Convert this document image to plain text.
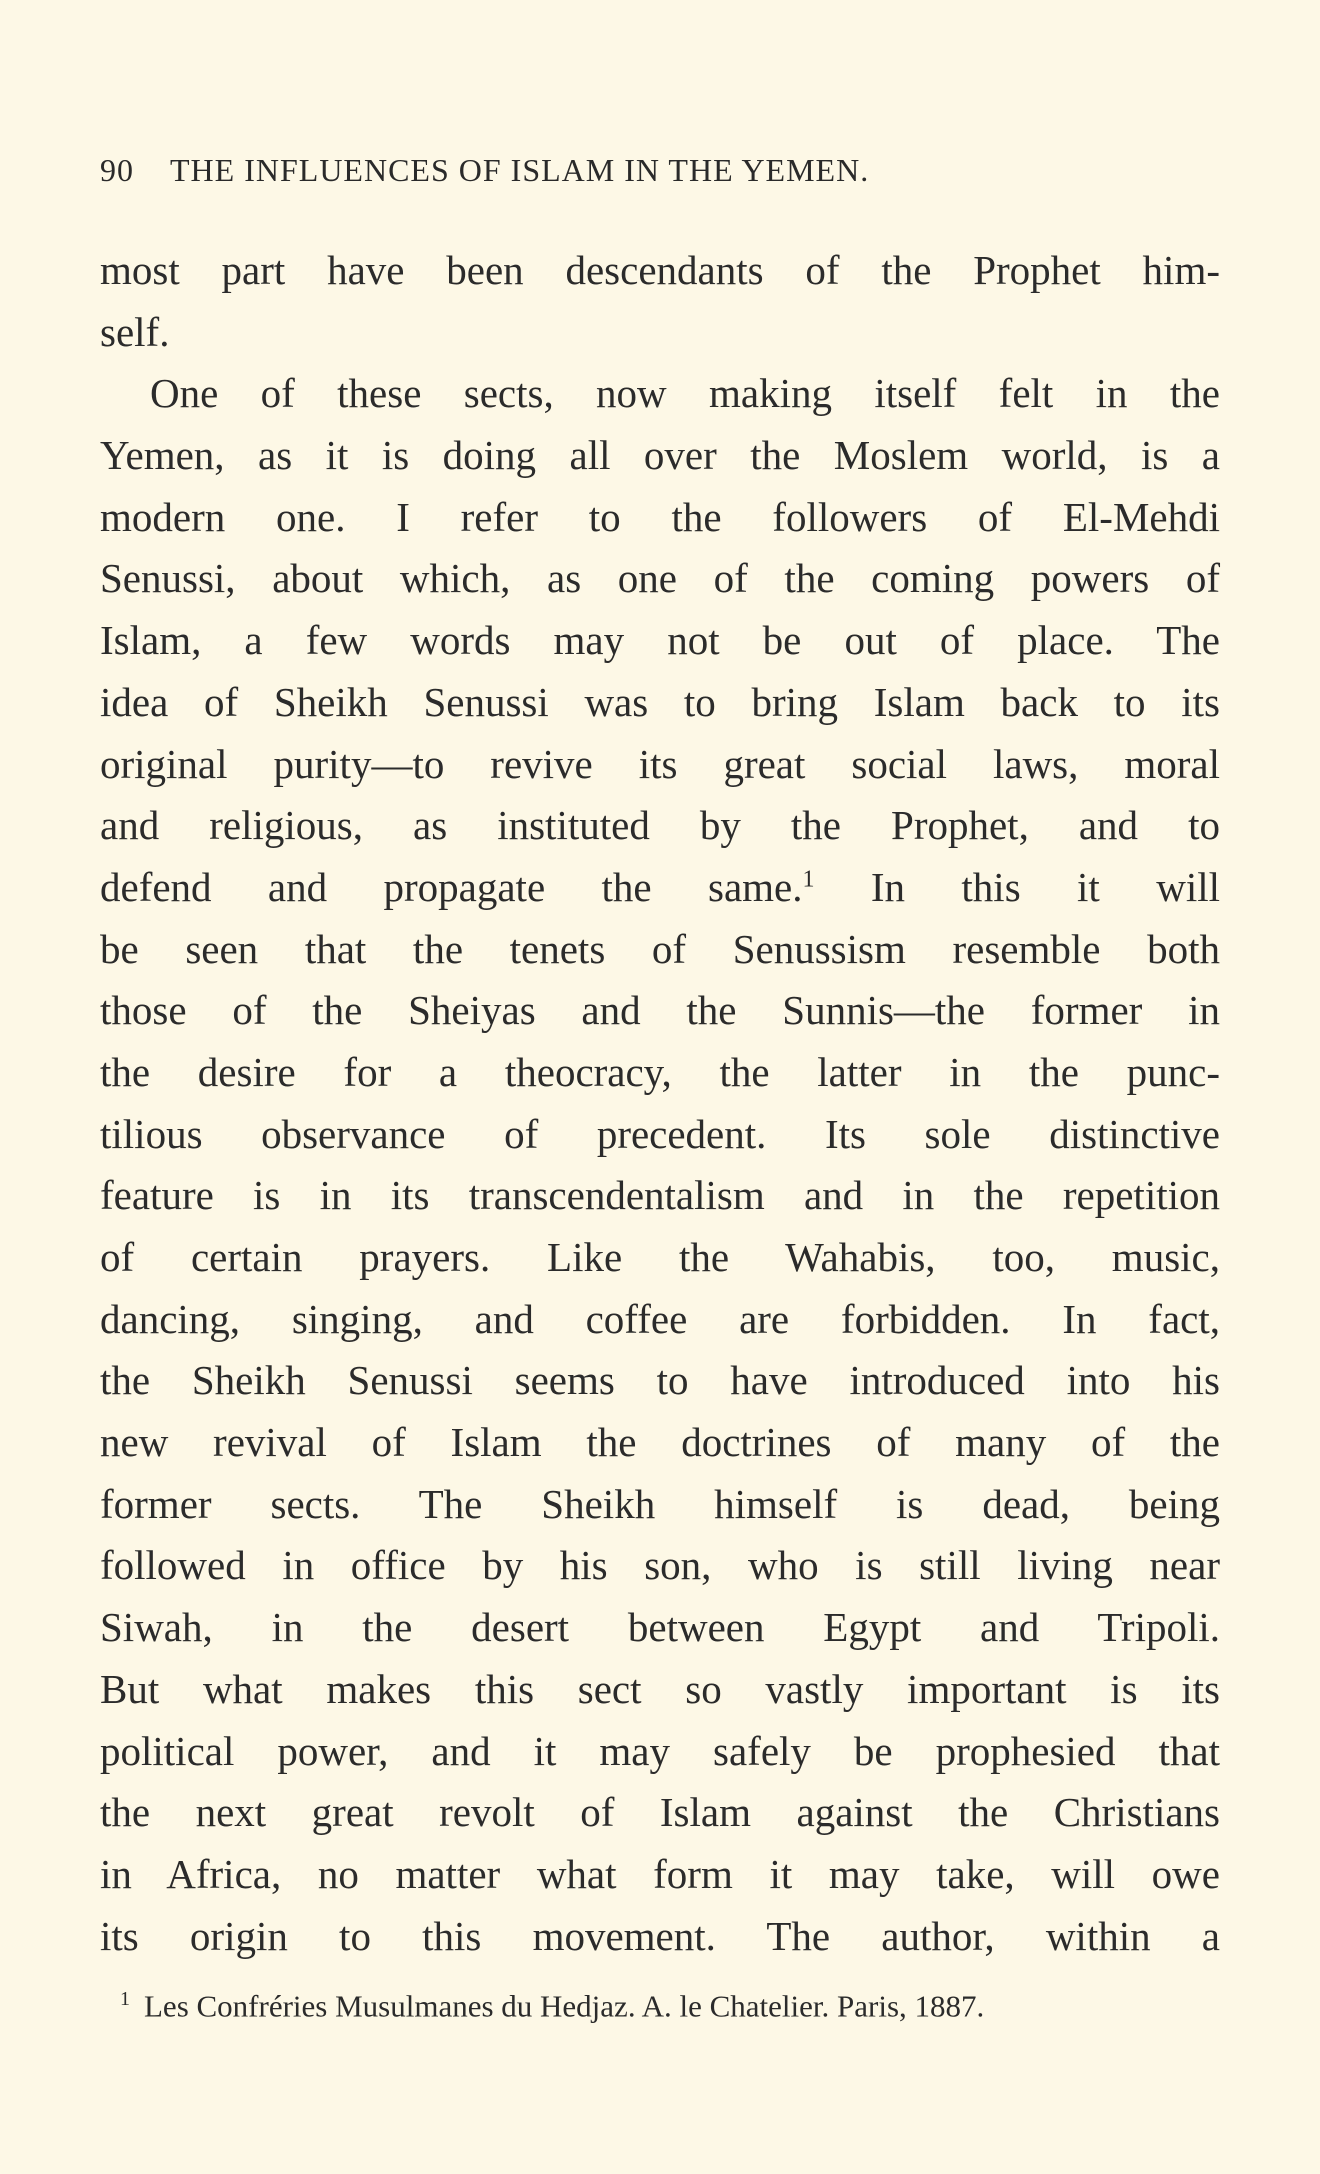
90 THE INFLUENCES OF ISLAM IN THE YEMEN.
most part have been descendants of the Prophet him-
self.
One of these sects, now making itself felt in the
Yemen, as it is doing all over the Moslem world, is a
modern one. I refer to the followers of El-Mehdi
Senussi, about which, as one of the coming powers of
Islam, a few words may not be out of place. The
idea of Sheikh Senussi was to bring Islam back to its
original purity—to revive its great social laws, moral
and religious, as instituted by the Prophet, and to
defend and propagate the same.$^1$ In this it will
be seen that the tenets of Senussism resemble both
those of the Sheiyas and the Sunnis—the former in
the desire for a theocracy, the latter in the punc-
tilious observance of precedent. Its sole distinctive
feature is in its transcendentalism and in the repetition
of certain prayers. Like the Wahabis, too, music,
dancing, singing, and coffee are forbidden. In fact,
the Sheikh Senussi seems to have introduced into his
new revival of Islam the doctrines of many of the
former sects. The Sheikh himself is dead, being
followed in office by his son, who is still living near
Siwah, in the desert between Egypt and Tripoli.
But what makes this sect so vastly important is its
political power, and it may safely be prophesied that
the next great revolt of Islam against the Christians
in Africa, no matter what form it may take, will owe
its origin to this movement. The author, within a
$^1$ Les Confréries Musulmanes du Hedjaz. A. le Chatelier. Paris, 1887.
